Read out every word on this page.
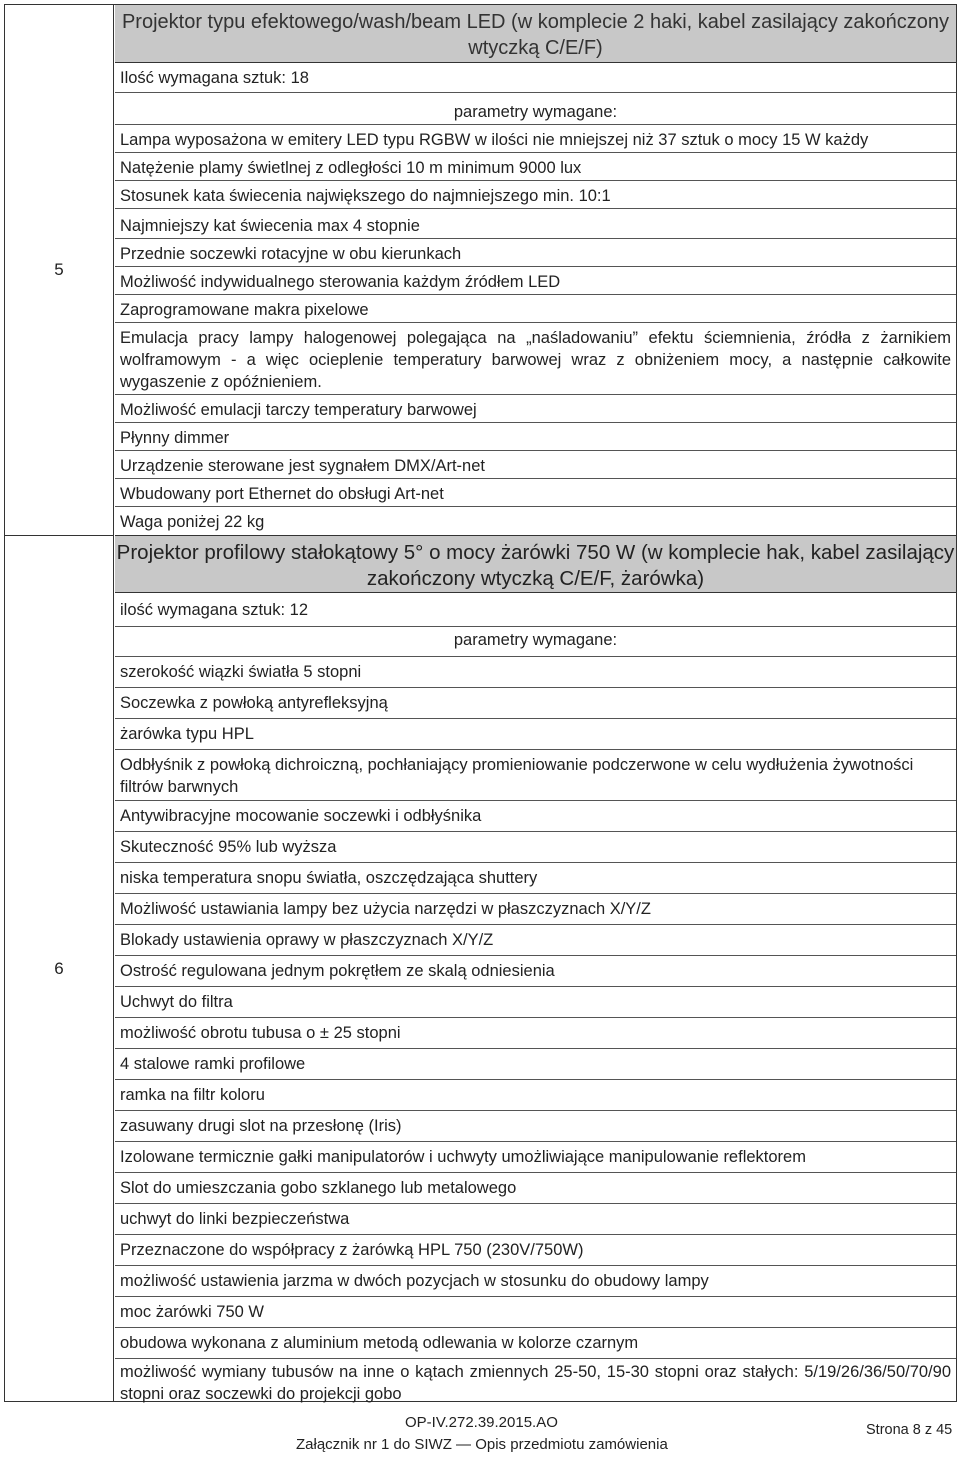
5
6
Projektor typu efektowego/wash/beam LED (w komplecie 2 haki, kabel zasilający zakończony wtyczką C/E/F)
Ilość wymagana sztuk: 18
parametry wymagane:
Lampa wyposażona w emitery LED typu RGBW w ilości nie mniejszej niż 37 sztuk o mocy 15 W każdy
Natężenie plamy świetlnej z odległości 10 m minimum 9000 lux
Stosunek kata świecenia największego do najmniejszego min. 10:1
Najmniejszy kat świecenia max 4 stopnie
Przednie soczewki rotacyjne w obu kierunkach
Możliwość indywidualnego sterowania każdym źródłem LED
Zaprogramowane makra pixelowe
Emulacja pracy lampy halogenowej polegająca na „naśladowaniu” efektu ściemnienia, źródła z żarnikiem wolframowym - a więc ocieplenie temperatury barwowej wraz z obniżeniem mocy, a następnie całkowite wygaszenie z opóźnieniem.
Możliwość emulacji tarczy temperatury barwowej
Płynny dimmer
Urządzenie sterowane jest sygnałem DMX/Art-net
Wbudowany port Ethernet do obsługi Art-net
Waga poniżej 22 kg
Projektor profilowy stałokątowy 5° o mocy żarówki 750 W (w komplecie hak, kabel zasilający zakończony wtyczką C/E/F, żarówka)
ilość wymagana sztuk: 12
parametry wymagane:
szerokość wiązki światła 5 stopni
Soczewka z powłoką antyrefleksyjną
żarówka typu HPL
Odbłyśnik z powłoką dichroiczną, pochłaniający promieniowanie podczerwone w celu wydłużenia żywotności filtrów barwnych
Antywibracyjne mocowanie soczewki i odbłyśnika
Skuteczność 95% lub wyższa
niska temperatura snopu światła, oszczędzająca shuttery
Możliwość ustawiania lampy bez użycia narzędzi w płaszczyznach X/Y/Z
Blokady ustawienia oprawy w płaszczyznach X/Y/Z
Ostrość regulowana jednym pokrętłem ze skalą odniesienia
Uchwyt do filtra
możliwość obrotu tubusa o ± 25 stopni
4 stalowe ramki profilowe
ramka na filtr koloru
zasuwany drugi slot na przesłonę (Iris)
Izolowane termicznie gałki manipulatorów i uchwyty umożliwiające manipulowanie reflektorem
Slot do umieszczania gobo szklanego lub metalowego
uchwyt do linki bezpieczeństwa
Przeznaczone do współpracy z żarówką HPL 750 (230V/750W)
możliwość ustawienia jarzma w dwóch pozycjach w stosunku do obudowy lampy
moc żarówki 750 W
obudowa wykonana z aluminium metodą odlewania w kolorze czarnym
możliwość wymiany tubusów na inne o kątach zmiennych 25-50, 15-30 stopni oraz stałych: 5/19/26/36/50/70/90 stopni oraz soczewki do projekcji gobo
OP-IV.272.39.2015.AO
Załącznik nr 1 do SIWZ — Opis przedmiotu zamówienia
Strona 8 z 45
